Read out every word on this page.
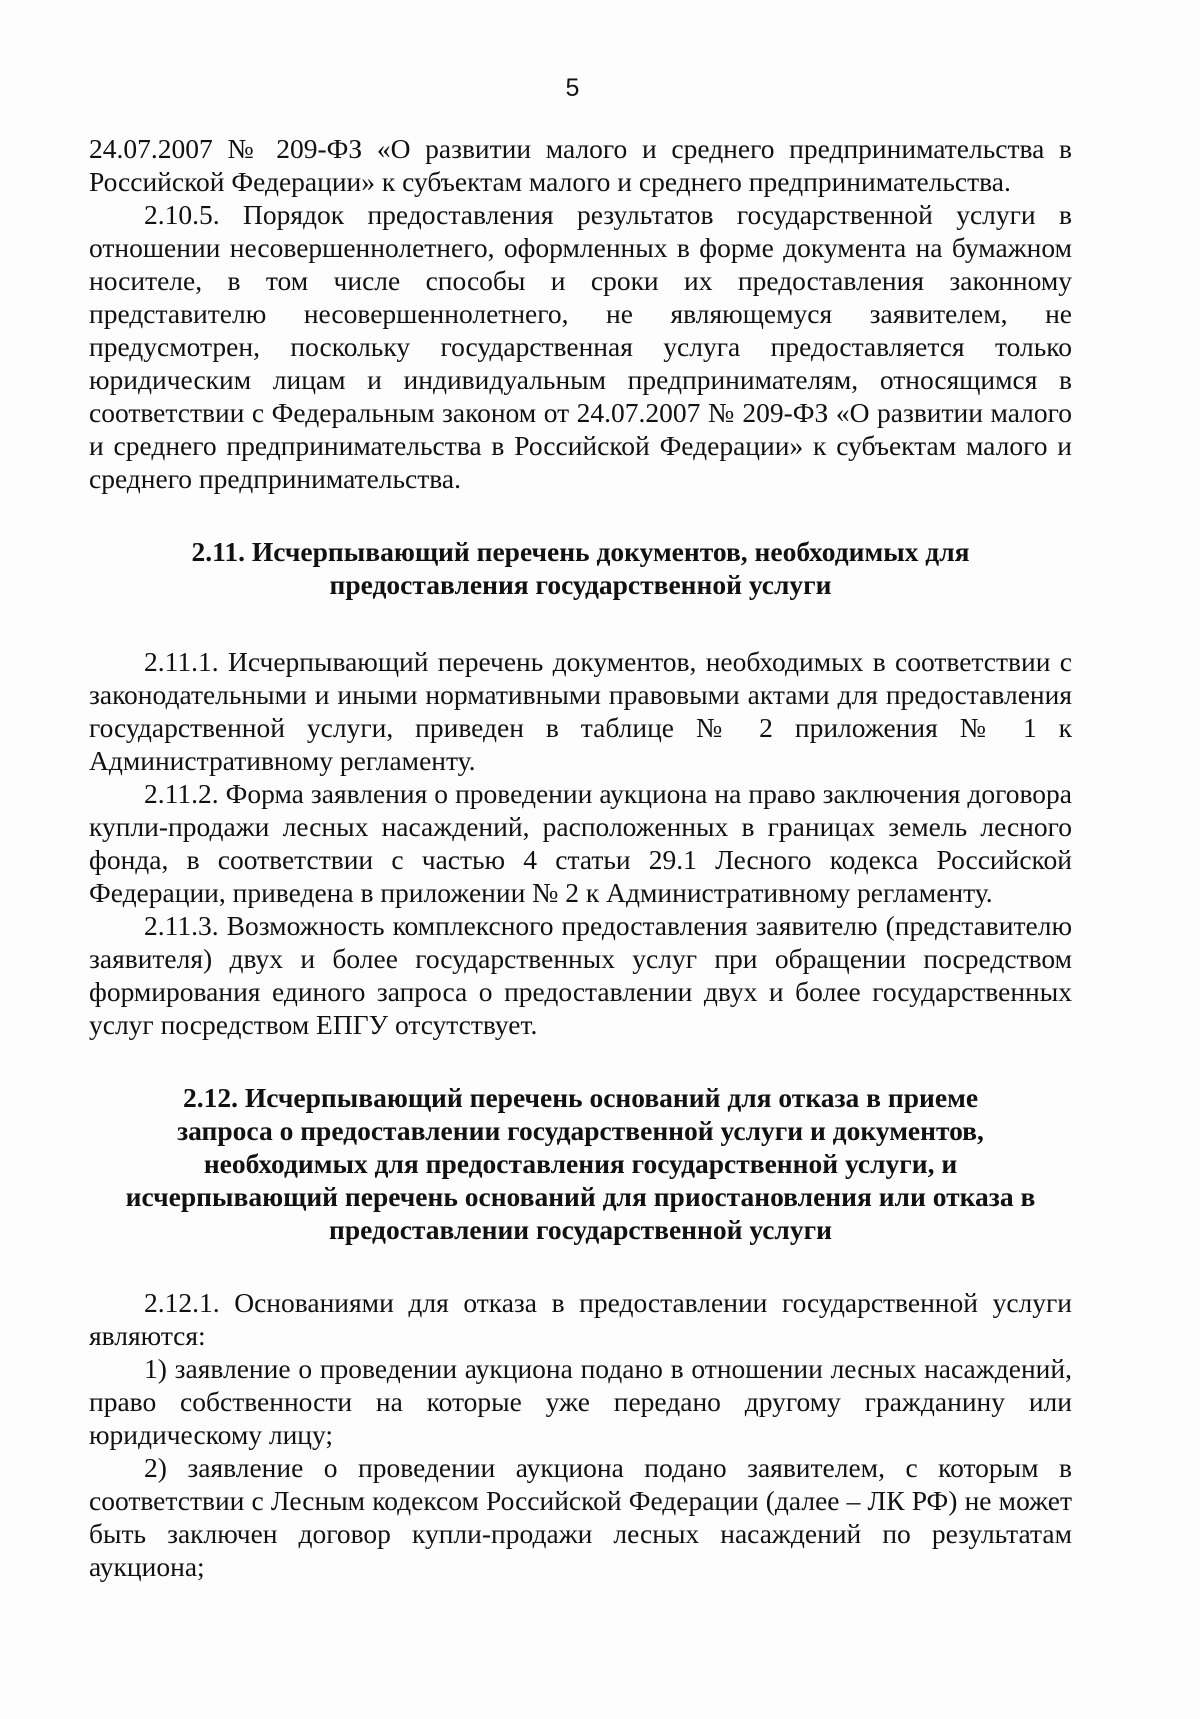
5

24.07.2007 № 209-ФЗ «О развитии малого и среднего предпринимательства в Российской Федерации» к субъектам малого и среднего предпринимательства.

2.10.5. Порядок предоставления результатов государственной услуги в отношении несовершеннолетнего, оформленных в форме документа на бумажном носителе, в том числе способы и сроки их предоставления законному представителю несовершеннолетнего, не являющемуся заявителем, не предусмотрен, поскольку государственная услуга предоставляется только юридическим лицам и индивидуальным предпринимателям, относящимся в соответствии с Федеральным законом от 24.07.2007 № 209-ФЗ «О развитии малого и среднего предпринимательства в Российской Федерации» к субъектам малого и среднего предпринимательства.

2.11. Исчерпывающий перечень документов, необходимых для
предоставления государственной услуги

2.11.1. Исчерпывающий перечень документов, необходимых в соответствии с законодательными и иными нормативными правовыми актами для предоставления государственной услуги, приведен в таблице № 2 приложения № 1 к Административному регламенту.

2.11.2. Форма заявления о проведении аукциона на право заключения договора купли-продажи лесных насаждений, расположенных в границах земель лесного фонда, в соответствии с частью 4 статьи 29.1 Лесного кодекса Российской Федерации, приведена в приложении № 2 к Административному регламенту.

2.11.3. Возможность комплексного предоставления заявителю (представителю заявителя) двух и более государственных услуг при обращении посредством формирования единого запроса о предоставлении двух и более государственных услуг посредством ЕПГУ отсутствует.

2.12. Исчерпывающий перечень оснований для отказа в приеме
запроса о предоставлении государственной услуги и документов,
необходимых для предоставления государственной услуги, и
исчерпывающий перечень оснований для приостановления или отказа в
предоставлении государственной услуги

2.12.1. Основаниями для отказа в предоставлении государственной услуги являются:

1) заявление о проведении аукциона подано в отношении лесных насаждений, право собственности на которые уже передано другому гражданину или юридическому лицу;

2) заявление о проведении аукциона подано заявителем, с которым в соответствии с Лесным кодексом Российской Федерации (далее – ЛК РФ) не может быть заключен договор купли-продажи лесных насаждений по результатам аукциона;
